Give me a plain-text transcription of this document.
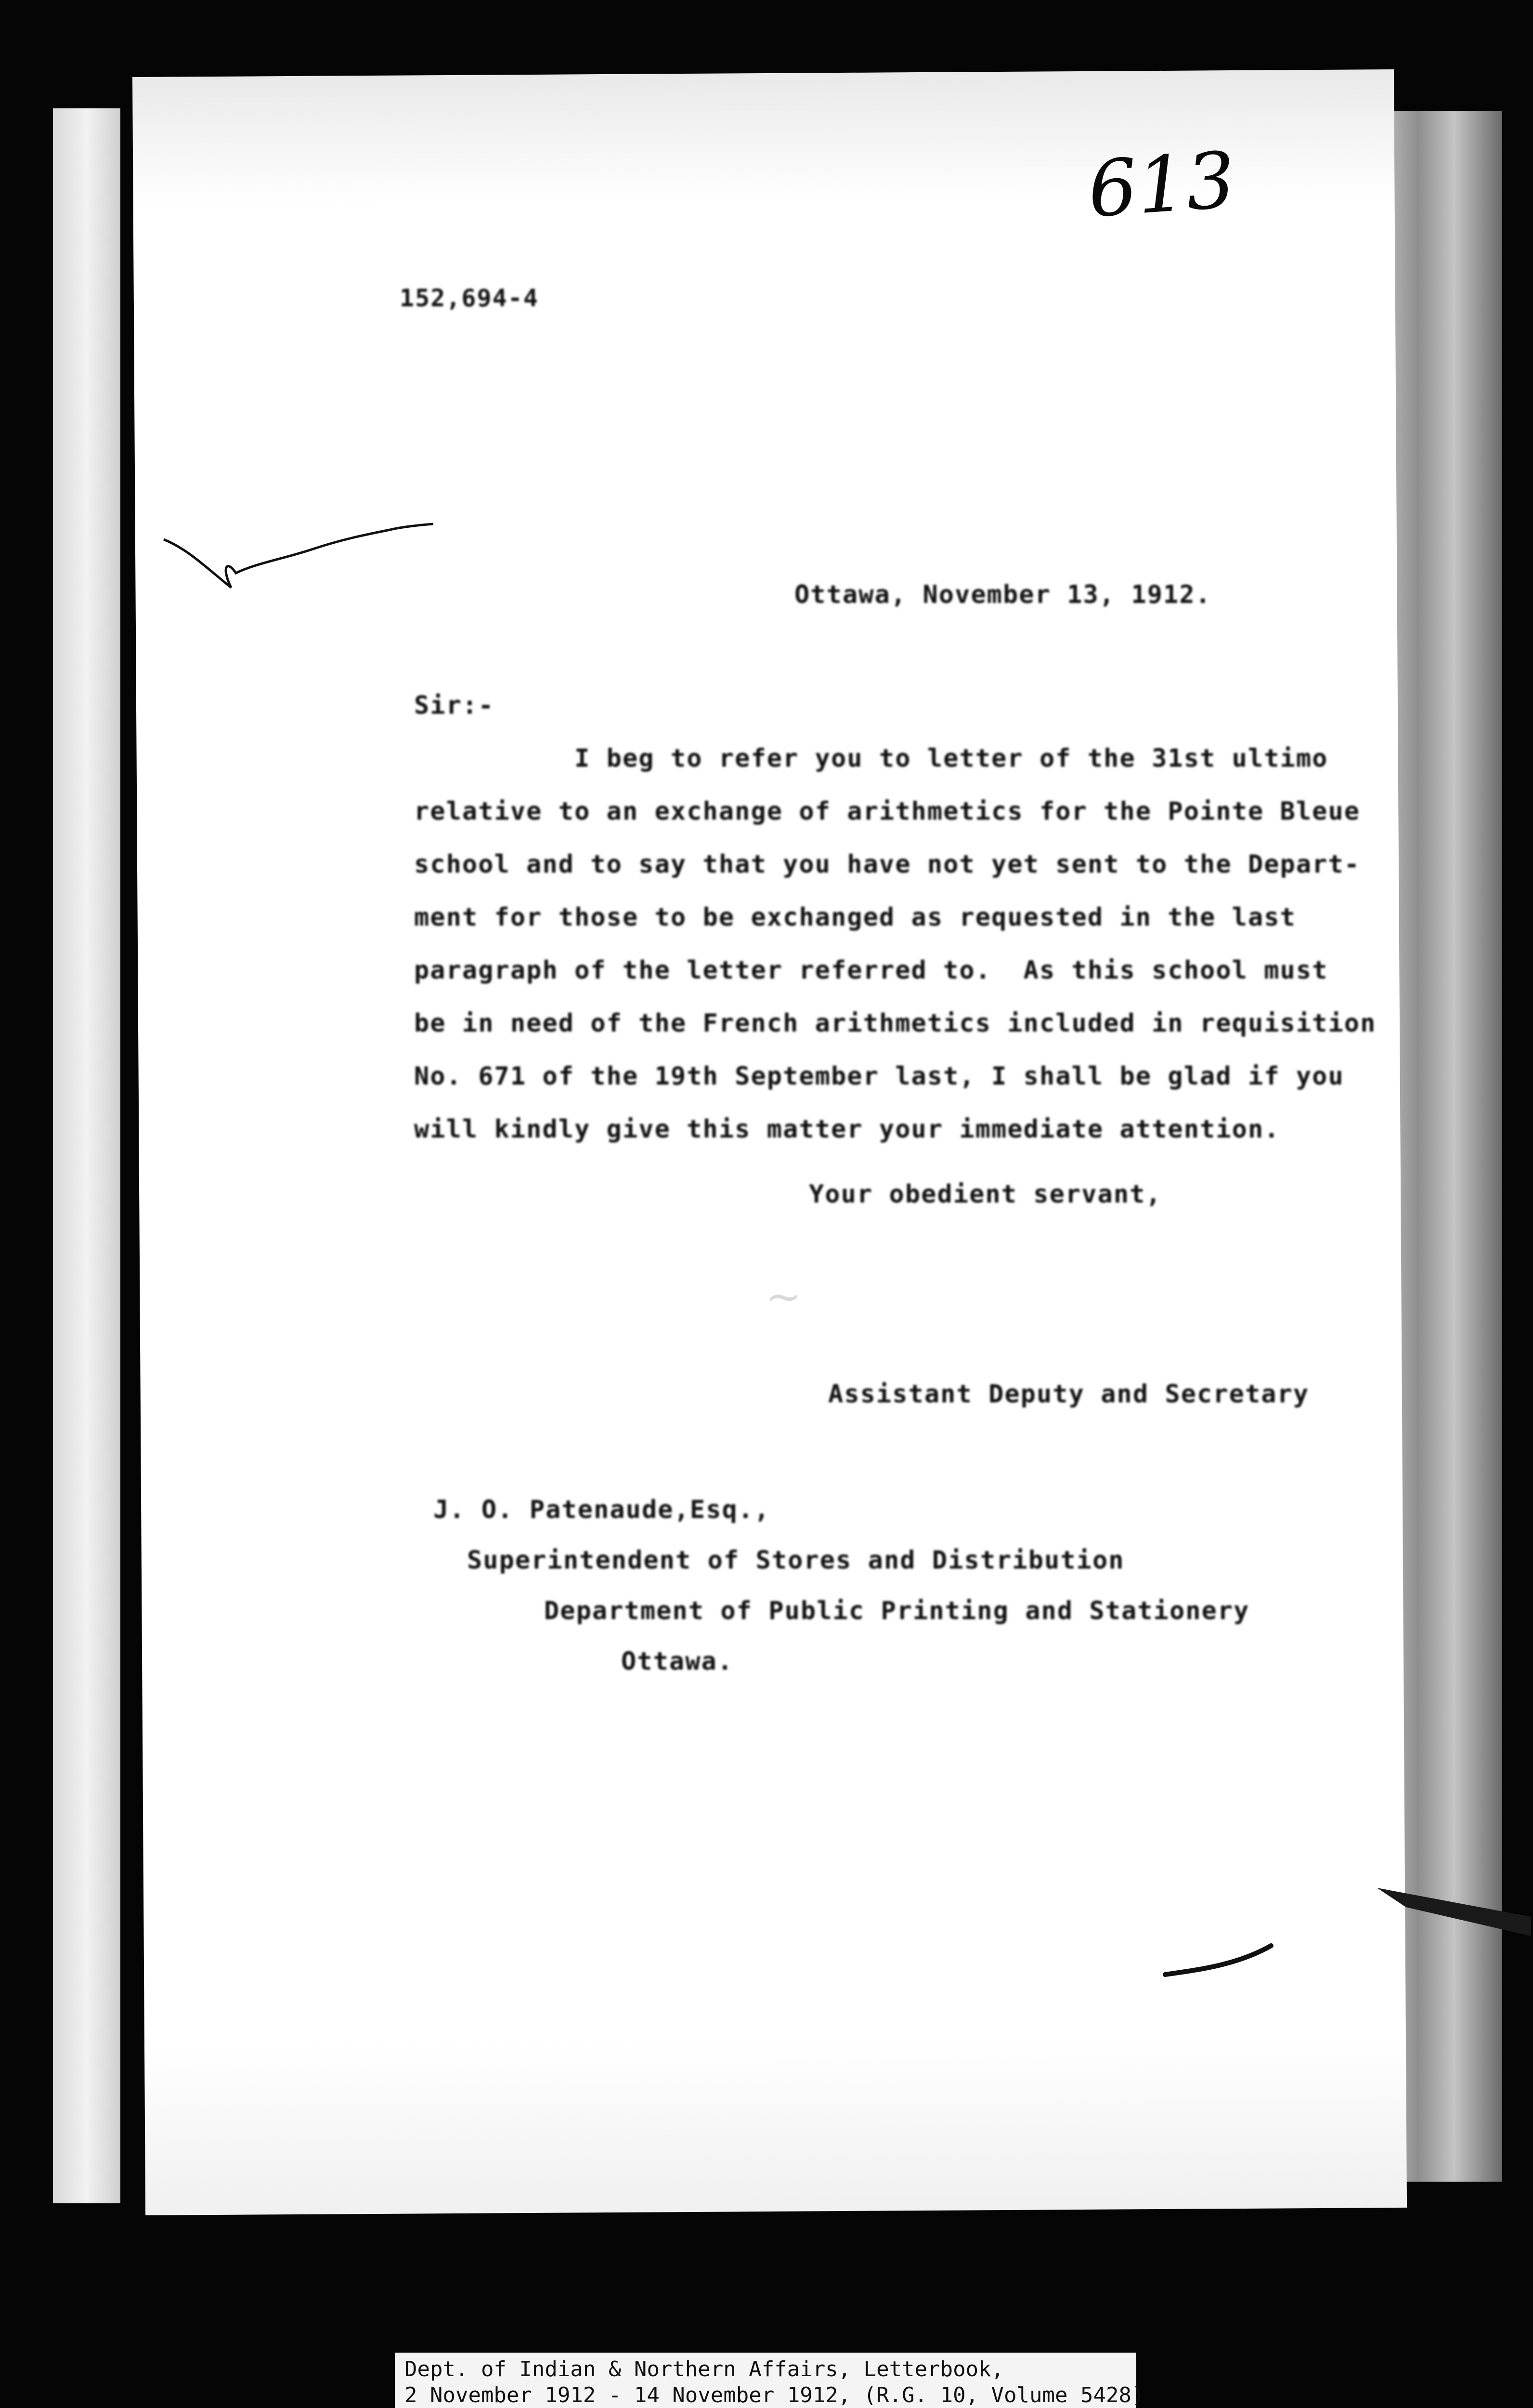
613
152,694-4
Ottawa, November 13, 1912.
Sir:-
I beg to refer you to letter of the 31st ultimo
relative to an exchange of arithmetics for the Pointe Bleue
school and to say that you have not yet sent to the Depart-
ment for those to be exchanged as requested in the last
paragraph of the letter referred to.  As this school must
be in need of the French arithmetics included in requisition
No. 671 of the 19th September last, I shall be glad if you
will kindly give this matter your immediate attention.
Your obedient servant,
~
Assistant Deputy and Secretary
J. O. Patenaude,Esq.,
Superintendent of Stores and Distribution
Department of Public Printing and Stationery
Ottawa.
Dept. of Indian & Northern Affairs, Letterbook,
2 November 1912 - 14 November 1912, (R.G. 10, Volume 5428)
